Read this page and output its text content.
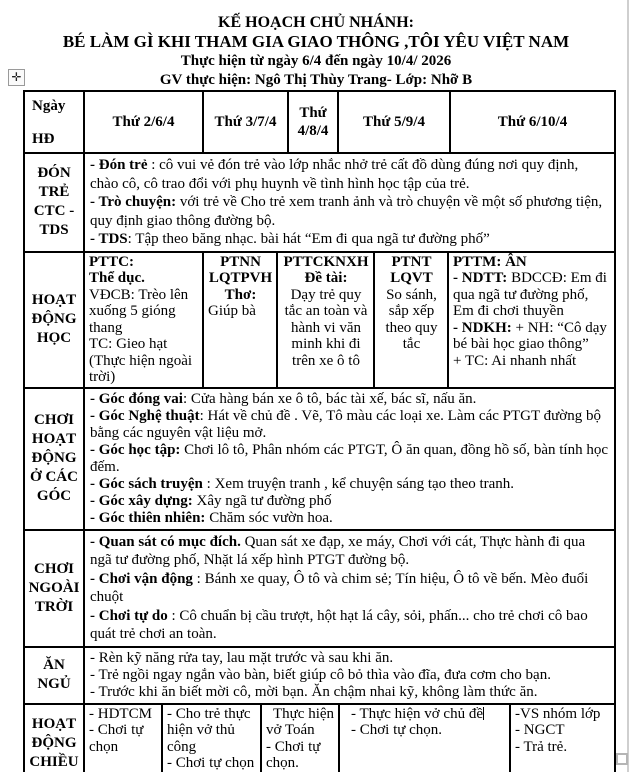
KẾ HOẠCH CHỦ NHÁNH:
BÉ LÀM GÌ KHI THAM GIA GIAO THÔNG ,TÔI YÊU VIỆT NAM
Thực hiện từ ngày 6/4 đến ngày 10/4/ 2026
GV thực hiện: Ngô Thị Thùy Trang- Lớp: Nhỡ B
✛
Ngày
HĐ
Thứ 2/6/4	Thứ 3/7/4
Thứ 4/8/4
Thứ 5/9/4	Thứ 6/10/4
ĐÓN TRẺ CTC - TDS
- Đón trẻ : cô vui vẻ đón trẻ vào lớp nhắc nhở trẻ cất đồ dùng đúng nơi quy định, chào cô, cô trao đổi với phụ huynh về tình hình học tập của trẻ.
- Trò chuyện: với trẻ về Cho trẻ xem tranh ảnh và trò chuyện về một số phương tiện, quy định giao thông đường bộ.
- TDS: Tập theo băng nhạc. bài hát “Em đi qua ngã tư đường phố”
HOẠT ĐỘNG HỌC
PTTC:
Thể dục.
VĐCB: Trèo lên xuống 5 gióng thang
TC: Gieo hạt
(Thực hiện ngoài trời)
PTNN
LQTPVH
Thơ:
Giúp bà
PTTCKNXH
Đề tài:
Dạy trẻ quy tắc an toàn và hành vi văn minh khi đi trên xe ô tô
PTNT
LQVT
So sánh, sắp xếp theo quy tắc
PTTM: ÂN
- NDTT: BDCCĐ: Em đi qua ngã tư đường phố, Em đi chơi thuyền
- NDKH: + NH: “Cô dạy bé bài học giao thông”
+ TC: Ai nhanh nhất
CHƠI HOẠT ĐỘNG Ở CÁC GÓC
- Góc đóng vai: Cửa hàng bán xe ô tô, bác tài xế, bác sĩ, nấu ăn.
- Góc Nghệ thuật: Hát về chủ đề . Vẽ, Tô màu các loại xe. Làm các PTGT đường bộ bằng các nguyên vật liệu mở.
- Góc học tập: Chơi lô tô, Phân nhóm các PTGT, Ô ăn quan, đồng hồ số, bàn tính học đếm.
- Góc sách truyện : Xem truyện tranh , kể chuyện sáng tạo theo tranh.
- Góc xây dựng: Xây ngã tư đường phố
- Góc thiên nhiên: Chăm sóc vườn hoa.
CHƠI NGOÀI TRỜI
- Quan sát có mục đích. Quan sát xe đạp, xe máy, Chơi với cát, Thực hành đi qua ngã tư đường phố, Nhặt lá xếp hình PTGT đường bộ.
- Chơi vận động : Bánh xe quay, Ô tô và chim sẻ; Tín hiệu, Ô tô về bến. Mèo đuổi chuột
- Chơi tự do : Cô chuẩn bị cầu trượt, hột hạt lá cây, sỏi, phấn... cho trẻ chơi cô bao quát trẻ chơi an toàn.
ĂN NGỦ
- Rèn kỹ năng rửa tay, lau mặt trước và sau khi ăn.
- Trẻ ngồi ngay ngắn vào bàn, biết giúp cô bỏ thìa vào đĩa, đưa cơm cho bạn.
- Trước khi ăn biết mời cô, mời bạn. Ăn chậm nhai kỹ, không làm thức ăn.
HOẠT ĐỘNG CHIỀU
- HDTCM
- Chơi tự chọn
- Cho trẻ thực hiện vở thủ công
- Chơi tự chọn
Thực hiện vở Toán
- Chơi tự chọn.
- Thực hiện vở chủ đề
- Chơi tự chọn.
-VS nhóm lớp
- NGCT
- Trả trẻ.
